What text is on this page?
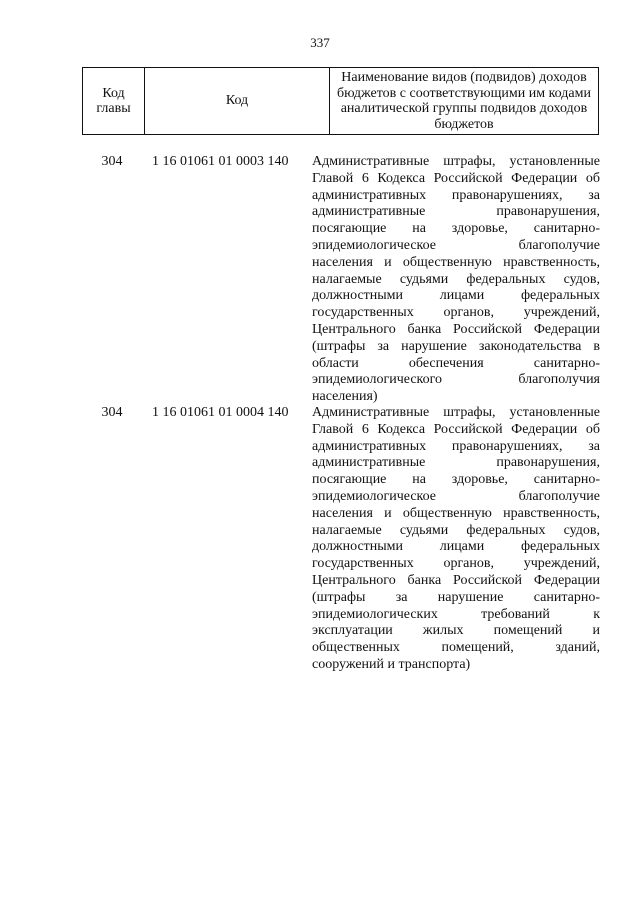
337
Код главы	Код	Наименование видов (подвидов) доходов бюджетов с соответствующими им кодами аналитической группы подвидов доходов бюджетов
304	1 16 01061 01 0003 140	Административные штрафы, установленные
Главой 6 Кодекса Российской Федерации об
административных правонарушениях, за
административные правонарушения,
посягающие на здоровье, санитарно-
эпидемиологическое благополучие
населения и общественную нравственность,
налагаемые судьями федеральных судов,
должностными лицами федеральных
государственных органов, учреждений,
Центрального банка Российской Федерации
(штрафы за нарушение законодательства в
области обеспечения санитарно-
эпидемиологического благополучия
населения)
304	1 16 01061 01 0004 140	Административные штрафы, установленные
Главой 6 Кодекса Российской Федерации об
административных правонарушениях, за
административные правонарушения,
посягающие на здоровье, санитарно-
эпидемиологическое благополучие
населения и общественную нравственность,
налагаемые судьями федеральных судов,
должностными лицами федеральных
государственных органов, учреждений,
Центрального банка Российской Федерации
(штрафы за нарушение санитарно-
эпидемиологических требований к
эксплуатации жилых помещений и
общественных помещений, зданий,
сооружений и транспорта)
